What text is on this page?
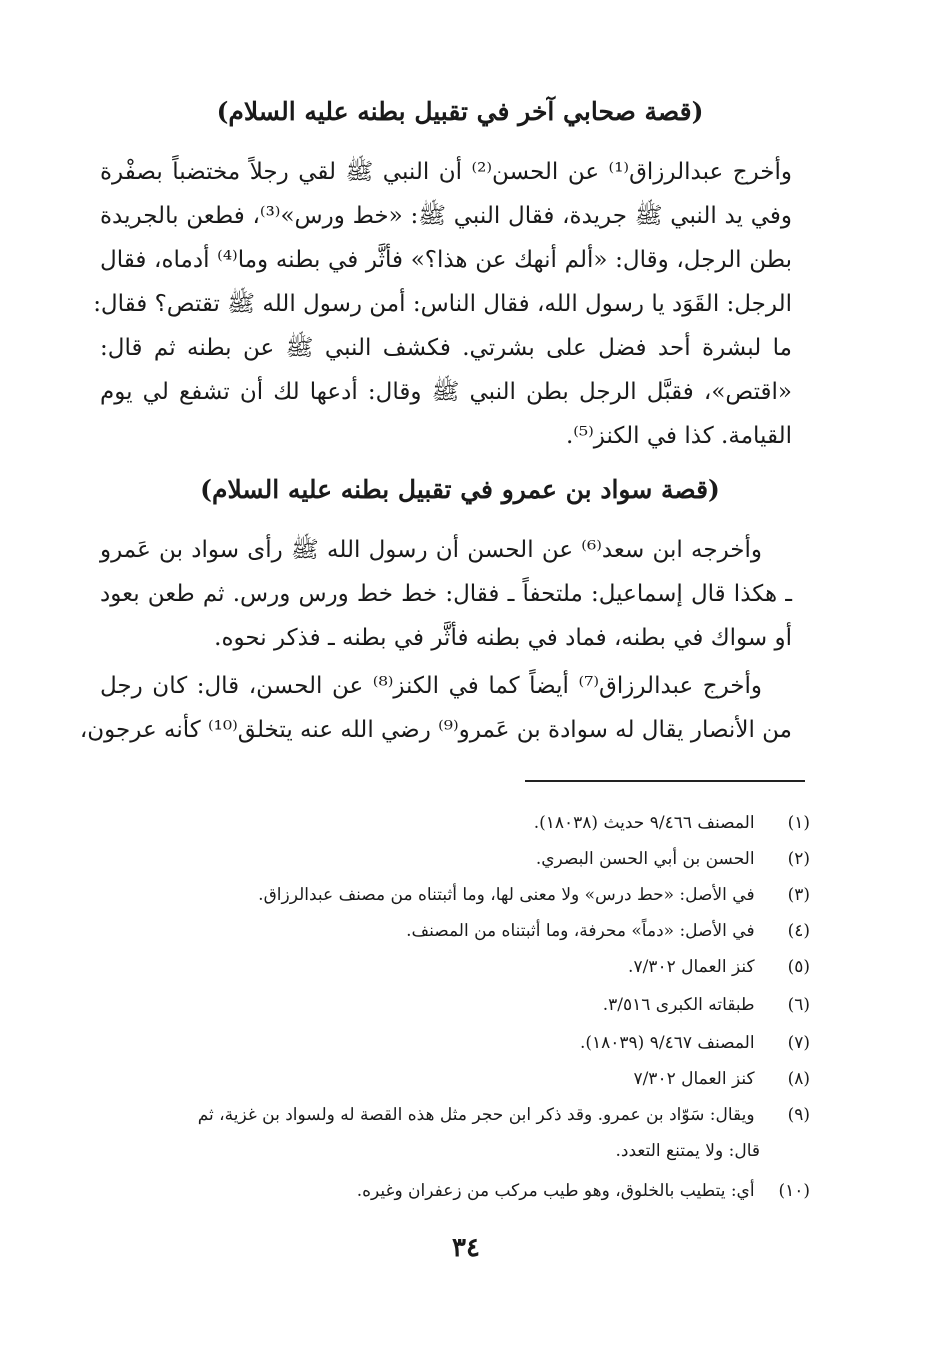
(قصة صحابي آخر في تقبيل بطنه عليه السلام)
وأخرج عبدالرزاق⁽¹⁾ عن الحسن⁽²⁾ أن النبي ﷺ لقي رجلاً مختضباً بصفْرة
وفي يد النبي ﷺ جريدة، فقال النبي ﷺ: «خط ورس»⁽³⁾، فطعن بالجريدة
بطن الرجل، وقال: «ألم أنهك عن هذا؟» فأثَّر في بطنه وما⁽⁴⁾ أدماه، فقال
الرجل: القَوَد يا رسول الله، فقال الناس: أمن رسول الله ﷺ تقتص؟ فقال:
ما لبشرة أحد فضل على بشرتي. فكشف النبي ﷺ عن بطنه ثم قال:
«اقتص»، فقبَّل الرجل بطن النبي ﷺ وقال: أدعها لك أن تشفع لي يوم
القيامة. كذا في الكنز⁽⁵⁾.
(قصة سواد بن عمرو في تقبيل بطنه عليه السلام)
وأخرجه ابن سعد⁽⁶⁾ عن الحسن أن رسول الله ﷺ رأى سواد بن عَمرو
ـ هكذا قال إسماعيل: ملتحفاً ـ فقال: خط خط ورس ورس. ثم طعن بعود
أو سواك في بطنه، فماد في بطنه فأثَّر في بطنه ـ فذكر نحوه.
وأخرج عبدالرزاق⁽⁷⁾ أيضاً كما في الكنز⁽⁸⁾ عن الحسن، قال: كان رجل
من الأنصار يقال له سوادة بن عَمرو⁽⁹⁾ رضي الله عنه يتخلق⁽¹⁰⁾ كأنه عرجون،
(١) المصنف ٩/٤٦٦ حديث (١٨٠٣٨).
(٢) الحسن بن أبي الحسن البصري.
(٣) في الأصل: «حط درس» ولا معنى لها، وما أثبتناه من مصنف عبدالرزاق.
(٤) في الأصل: «دماً» محرفة، وما أثبتناه من المصنف.
(٥) كنز العمال ٧/٣٠٢.
(٦) طبقاته الكبرى ٣/٥١٦.
(٧) المصنف ٩/٤٦٧ (١٨٠٣٩).
(٨) كنز العمال ٧/٣٠٢
(٩) ويقال: سَوّاد بن عمرو. وقد ذكر ابن حجر مثل هذه القصة له ولسواد بن غزية، ثم
قال: ولا يمتنع التعدد.
(١٠) أي: يتطيب بالخلوق، وهو طيب مركب من زعفران وغيره.
٣٤
